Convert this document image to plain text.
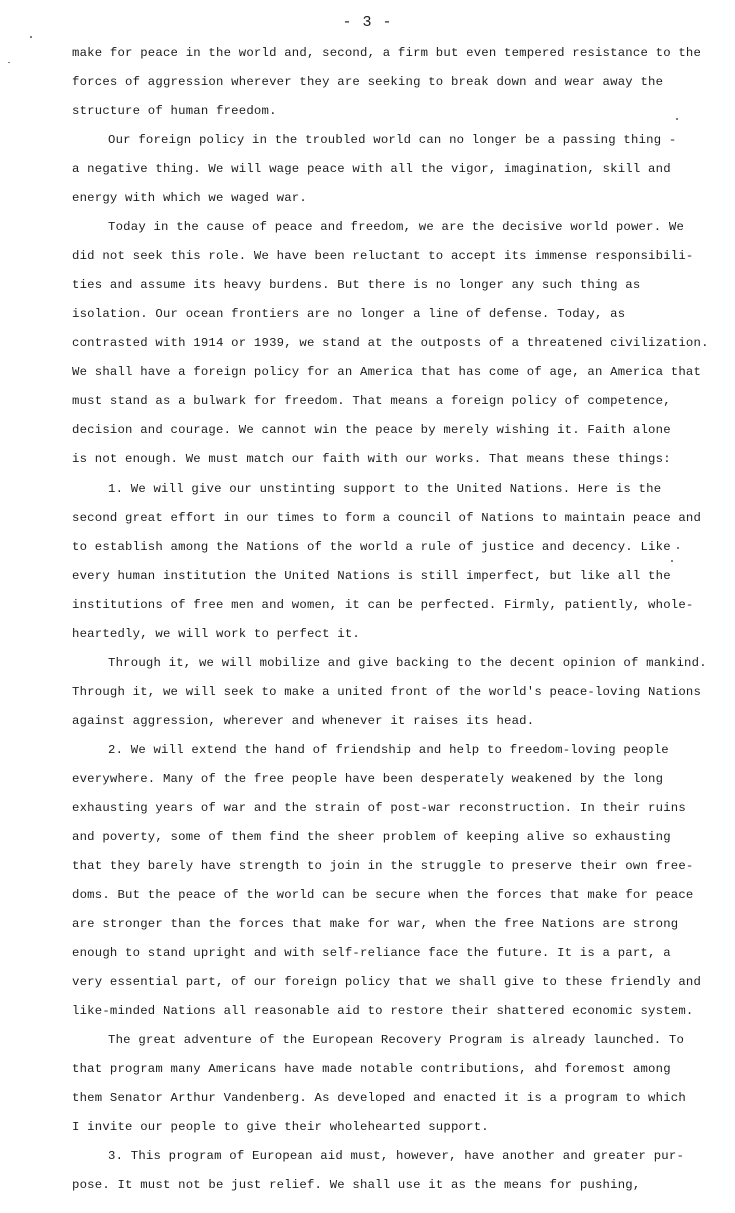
- 3 -
make for peace in the world and, second, a firm but even tempered resistance to the
forces of aggression wherever they are seeking to break down and wear away the
structure of human freedom.
Our foreign policy in the troubled world can no longer be a passing thing -
a negative thing. We will wage peace with all the vigor, imagination, skill and
energy with which we waged war.
Today in the cause of peace and freedom, we are the decisive world power. We
did not seek this role. We have been reluctant to accept its immense responsibili-
ties and assume its heavy burdens. But there is no longer any such thing as
isolation. Our ocean frontiers are no longer a line of defense. Today, as
contrasted with 1914 or 1939, we stand at the outposts of a threatened civilization.
We shall have a foreign policy for an America that has come of age, an America that
must stand as a bulwark for freedom. That means a foreign policy of competence,
decision and courage. We cannot win the peace by merely wishing it. Faith alone
is not enough. We must match our faith with our works. That means these things:
1. We will give our unstinting support to the United Nations. Here is the
second great effort in our times to form a council of Nations to maintain peace and
to establish among the Nations of the world a rule of justice and decency. Like
every human institution the United Nations is still imperfect, but like all the
institutions of free men and women, it can be perfected. Firmly, patiently, whole-
heartedly, we will work to perfect it.
Through it, we will mobilize and give backing to the decent opinion of mankind.
Through it, we will seek to make a united front of the world's peace-loving Nations
against aggression, wherever and whenever it raises its head.
2. We will extend the hand of friendship and help to freedom-loving people
everywhere. Many of the free people have been desperately weakened by the long
exhausting years of war and the strain of post-war reconstruction. In their ruins
and poverty, some of them find the sheer problem of keeping alive so exhausting
that they barely have strength to join in the struggle to preserve their own free-
doms. But the peace of the world can be secure when the forces that make for peace
are stronger than the forces that make for war, when the free Nations are strong
enough to stand upright and with self-reliance face the future. It is a part, a
very essential part, of our foreign policy that we shall give to these friendly and
like-minded Nations all reasonable aid to restore their shattered economic system.
The great adventure of the European Recovery Program is already launched. To
that program many Americans have made notable contributions, ahd foremost among
them Senator Arthur Vandenberg. As developed and enacted it is a program to which
I invite our people to give their wholehearted support.
3. This program of European aid must, however, have another and greater pur-
pose. It must not be just relief. We shall use it as the means for pushing,
